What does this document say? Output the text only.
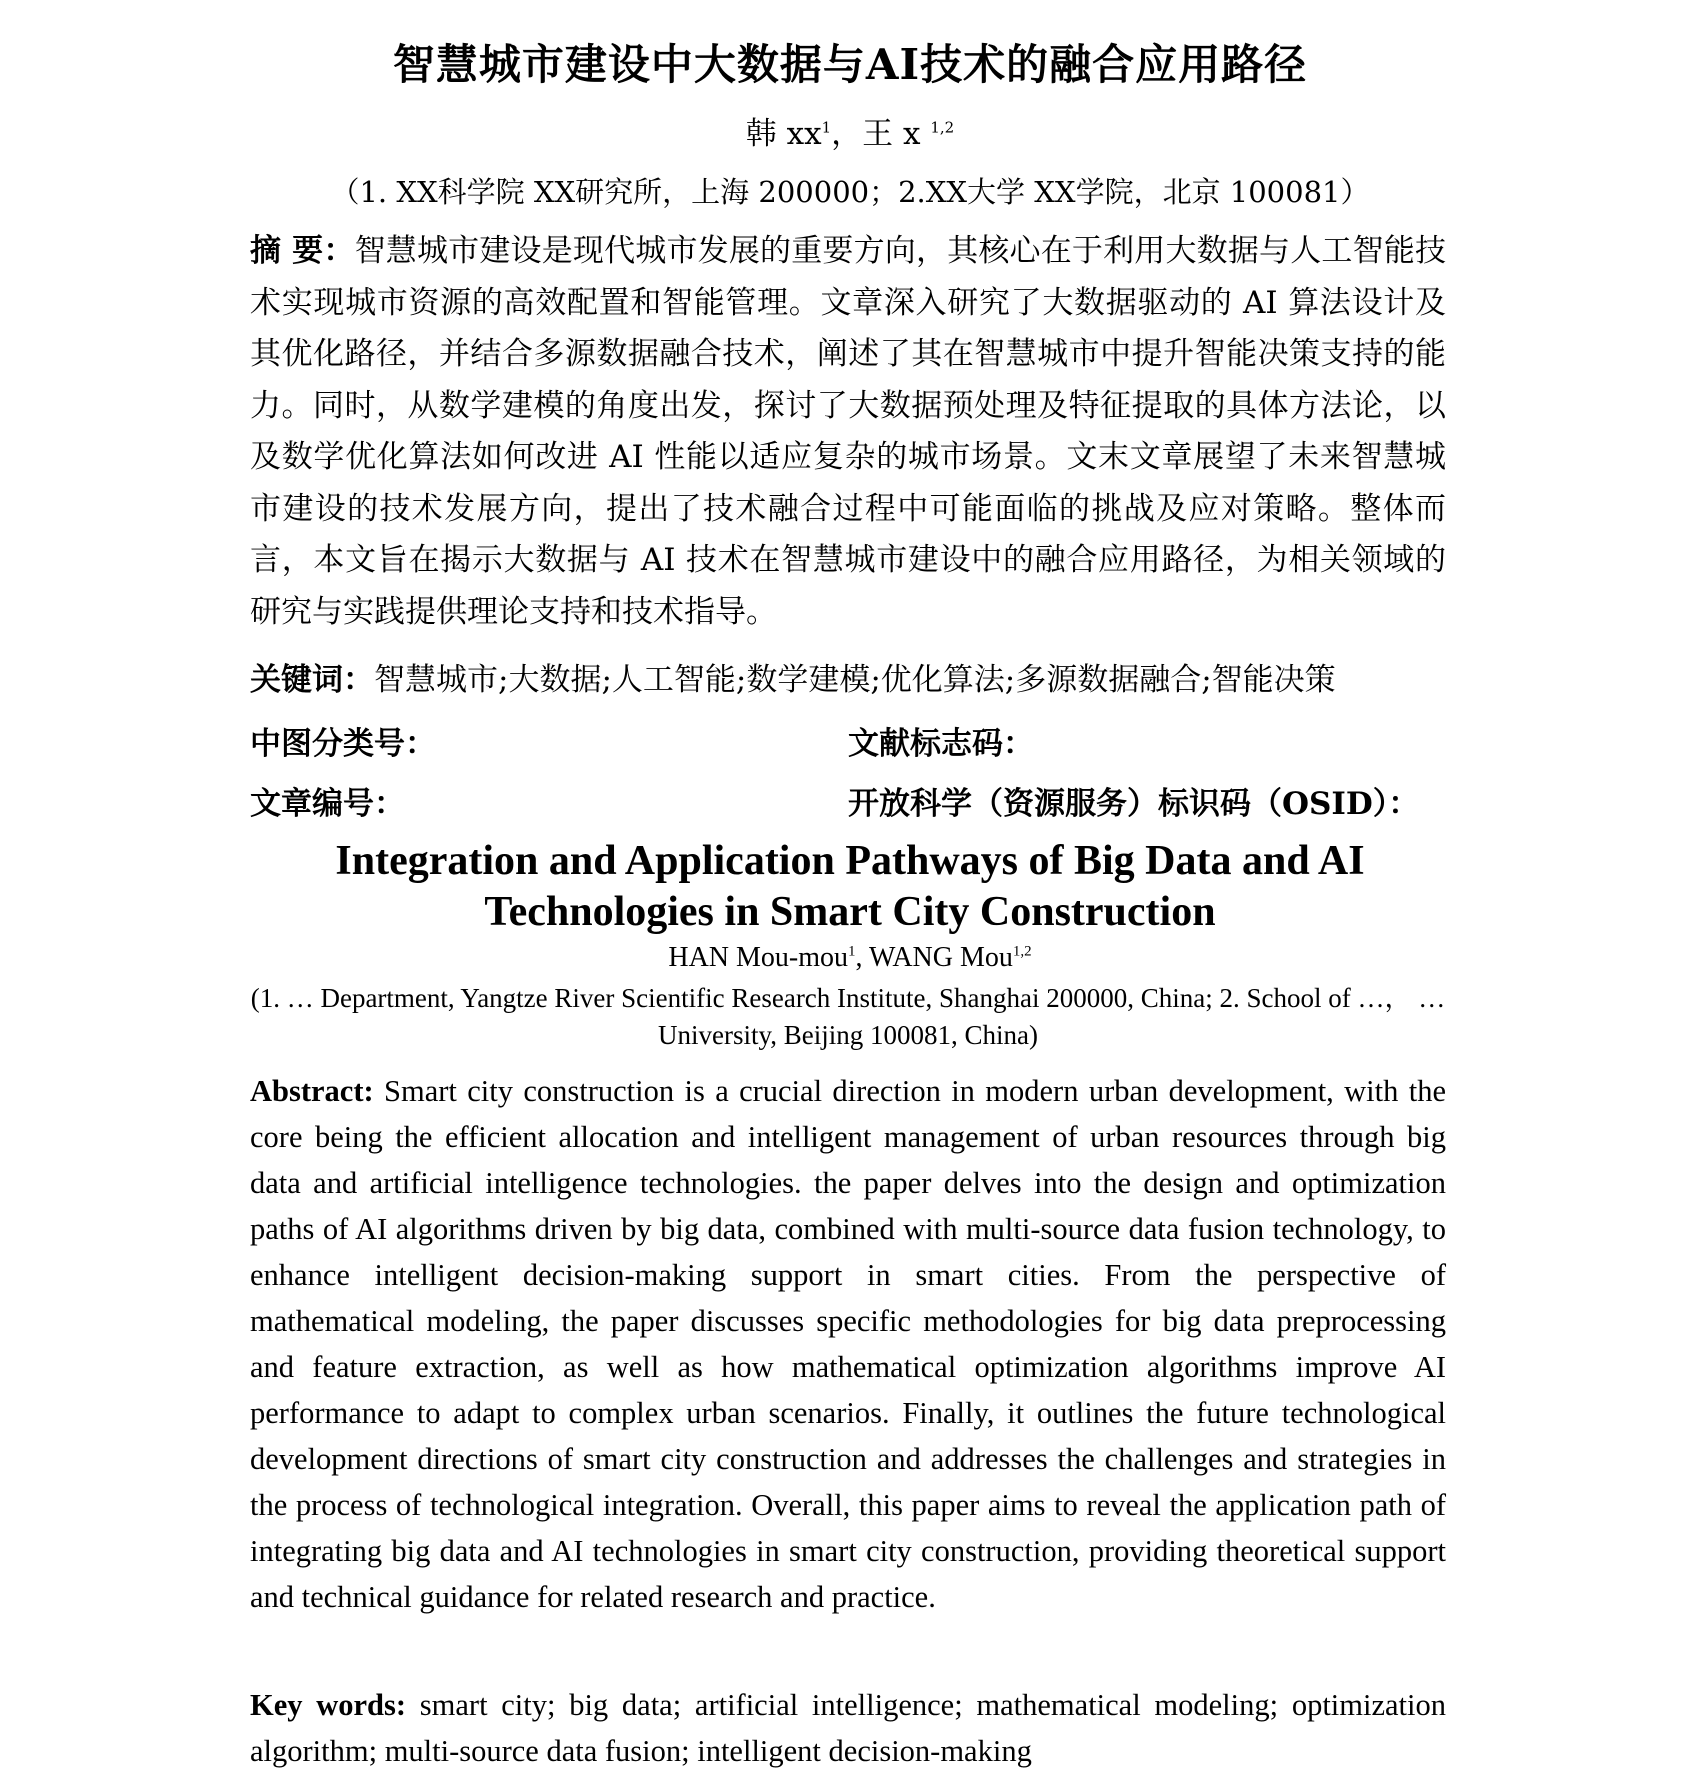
智慧城市建设中大数据与AI技术的融合应用路径
韩 $xx^1$，王 x $^{1,2}$
（1. XX科学院 XX研究所，上海 200000；2.XX大学 XX学院，北京 100081）
摘 要：智慧城市建设是现代城市发展的重要方向，其核心在于利用大数据与人工智能技术实现城市资源的高效配置和智能管理。文章深入研究了大数据驱动的 AI 算法设计及其优化路径，并结合多源数据融合技术，阐述了其在智慧城市中提升智能决策支持的能力。同时，从数学建模的角度出发，探讨了大数据预处理及特征提取的具体方法论，以及数学优化算法如何改进 AI 性能以适应复杂的城市场景。文末文章展望了未来智慧城市建设的技术发展方向，提出了技术融合过程中可能面临的挑战及应对策略。整体而言，本文旨在揭示大数据与 AI 技术在智慧城市建设中的融合应用路径，为相关领域的研究与实践提供理论支持和技术指导。
关键词：智慧城市;大数据;人工智能;数学建模;优化算法;多源数据融合;智能决策
中图分类号：	文献标志码：
文章编号：	开放科学（资源服务）标识码（OSID）：
Integration and Application Pathways of Big Data and AI
Technologies in Smart City Construction
HAN Mou-mou$^1$, WANG Mou$^{1,2}$
(1. … Department, Yangtze River Scientific Research Institute, Shanghai 200000, China; 2. School of …， … University, Beijing 100081, China)
Abstract: Smart city construction is a crucial direction in modern urban development, with the core being the efficient allocation and intelligent management of urban resources through big data and artificial intelligence technologies. the paper delves into the design and optimization paths of AI algorithms driven by big data, combined with multi-source data fusion technology, to enhance intelligent decision-making support in smart cities. From the perspective of mathematical modeling, the paper discusses specific methodologies for big data preprocessing and feature extraction, as well as how mathematical optimization algorithms improve AI performance to adapt to complex urban scenarios. Finally, it outlines the future technological development directions of smart city construction and addresses the challenges and strategies in the process of technological integration. Overall, this paper aims to reveal the application path of integrating big data and AI technologies in smart city construction, providing theoretical support and technical guidance for related research and practice.
Key words: smart city; big data; artificial intelligence; mathematical modeling; optimization algorithm; multi-source data fusion; intelligent decision-making
